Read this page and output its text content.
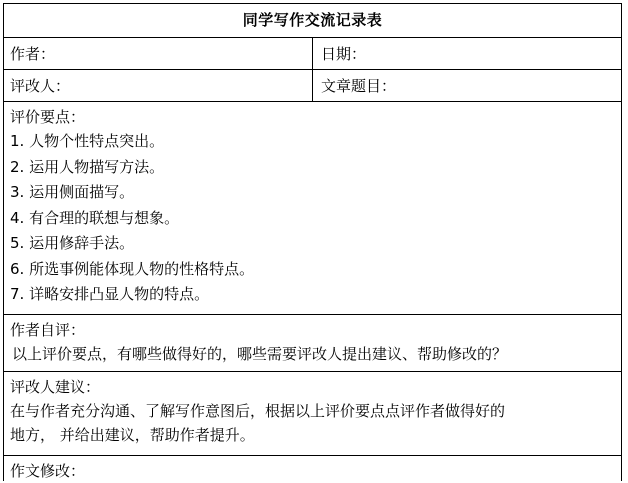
同学写作交流记录表
作者：	日期：
评改人：	文章题目：
评价要点：
1. 人物个性特点突出。
2. 运用人物描写方法。
3. 运用侧面描写。
4. 有合理的联想与想象。
5. 运用修辞手法。
6. 所选事例能体现人物的性格特点。
7. 详略安排凸显人物的特点。
作者自评：
以上评价要点，有哪些做得好的，哪些需要评改人提出建议、帮助修改的？
评改人建议：
在与作者充分沟通、了解写作意图后，根据以上评价要点点评作者做得好的
地方， 并给出建议，帮助作者提升。
作文修改：
